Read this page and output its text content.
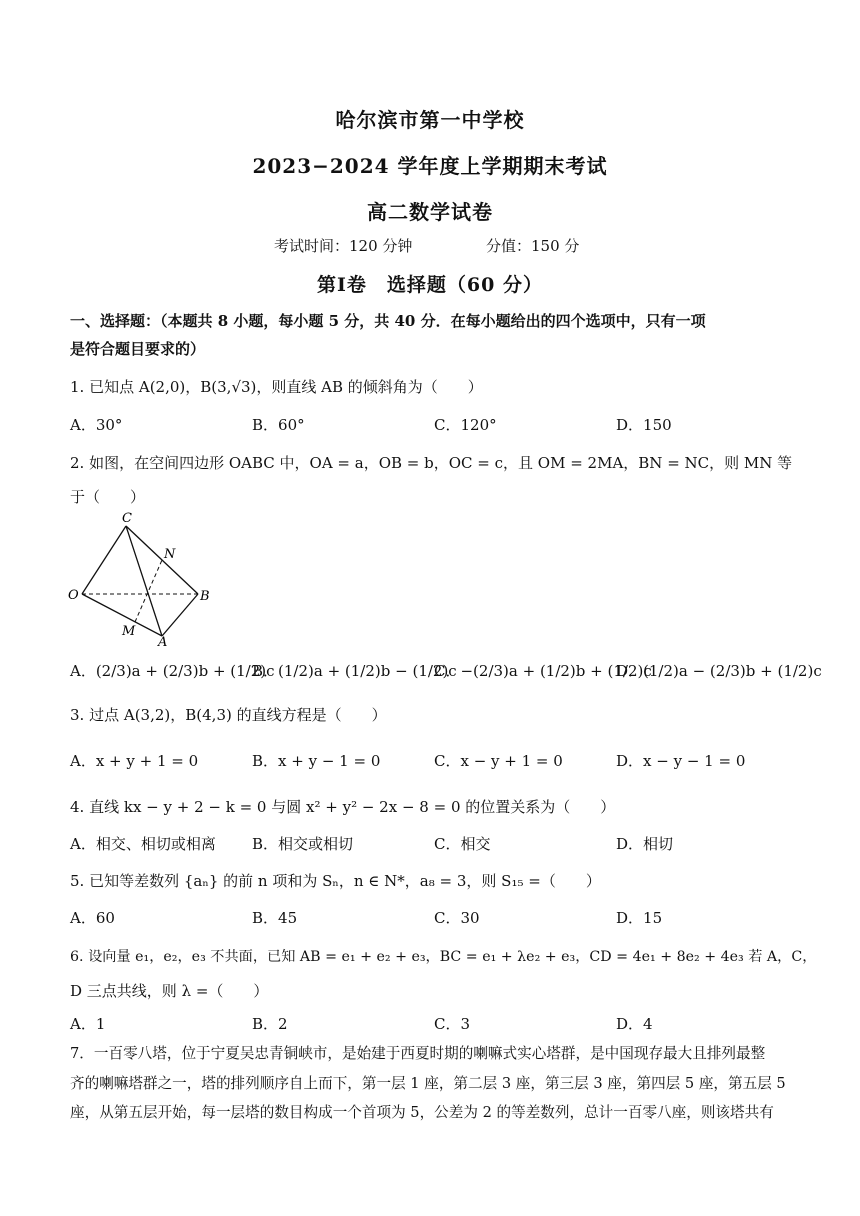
哈尔滨市第一中学校
2023−2024 学年度上学期期末考试
高二数学试卷
考试时间：120 分钟	分值：150 分
第Ⅰ卷　选择题（60 分）
一、选择题：（本题共 8 小题，每小题 5 分，共 40 分．在每小题给出的四个选项中，只有一项
是符合题目要求的）
1. 已知点 A(2,0)，B(3,√3)，则直线 AB 的倾斜角为（　　）
A．30°	B．60°	C．120°	D．150
2. 如图，在空间四边形 OABC 中，OA = a，OB = b，OC = c，且 OM = 2MA，BN = NC，则 MN 等
于（　　）
C
N
O	B
M
A
A．(2/3)a + (2/3)b + (1/2)c
B．(1/2)a + (1/2)b − (1/2)c
C．−(2/3)a + (1/2)b + (1/2)c
D．(1/2)a − (2/3)b + (1/2)c
3. 过点 A(3,2)，B(4,3) 的直线方程是（　　）
A．x + y + 1 = 0	B．x + y − 1 = 0	C．x − y + 1 = 0	D．x − y − 1 = 0
4. 直线 kx − y + 2 − k = 0 与圆 x² + y² − 2x − 8 = 0 的位置关系为（　　）
A．相交、相切或相离 B．相交或相切	C．相交	D．相切
5. 已知等差数列 {aₙ} 的前 n 项和为 Sₙ，n ∈ N*，a₈ = 3，则 S₁₅ =（　　）
A．60	B．45	C．30	D．15
6. 设向量 e₁，e₂，e₃ 不共面，已知 AB = e₁ + e₂ + e₃，BC = e₁ + λe₂ + e₃，CD = 4e₁ + 8e₂ + 4e₃ 若 A，C，
D 三点共线，则 λ =（　　）
A．1	B．2	C．3	D．4
7．一百零八塔，位于宁夏吴忠青铜峡市，是始建于西夏时期的喇嘛式实心塔群，是中国现存最大且排列最整
齐的喇嘛塔群之一，塔的排列顺序自上而下，第一层 1 座，第二层 3 座，第三层 3 座，第四层 5 座，第五层 5
座，从第五层开始，每一层塔的数目构成一个首项为 5，公差为 2 的等差数列，总计一百零八座，则该塔共有
